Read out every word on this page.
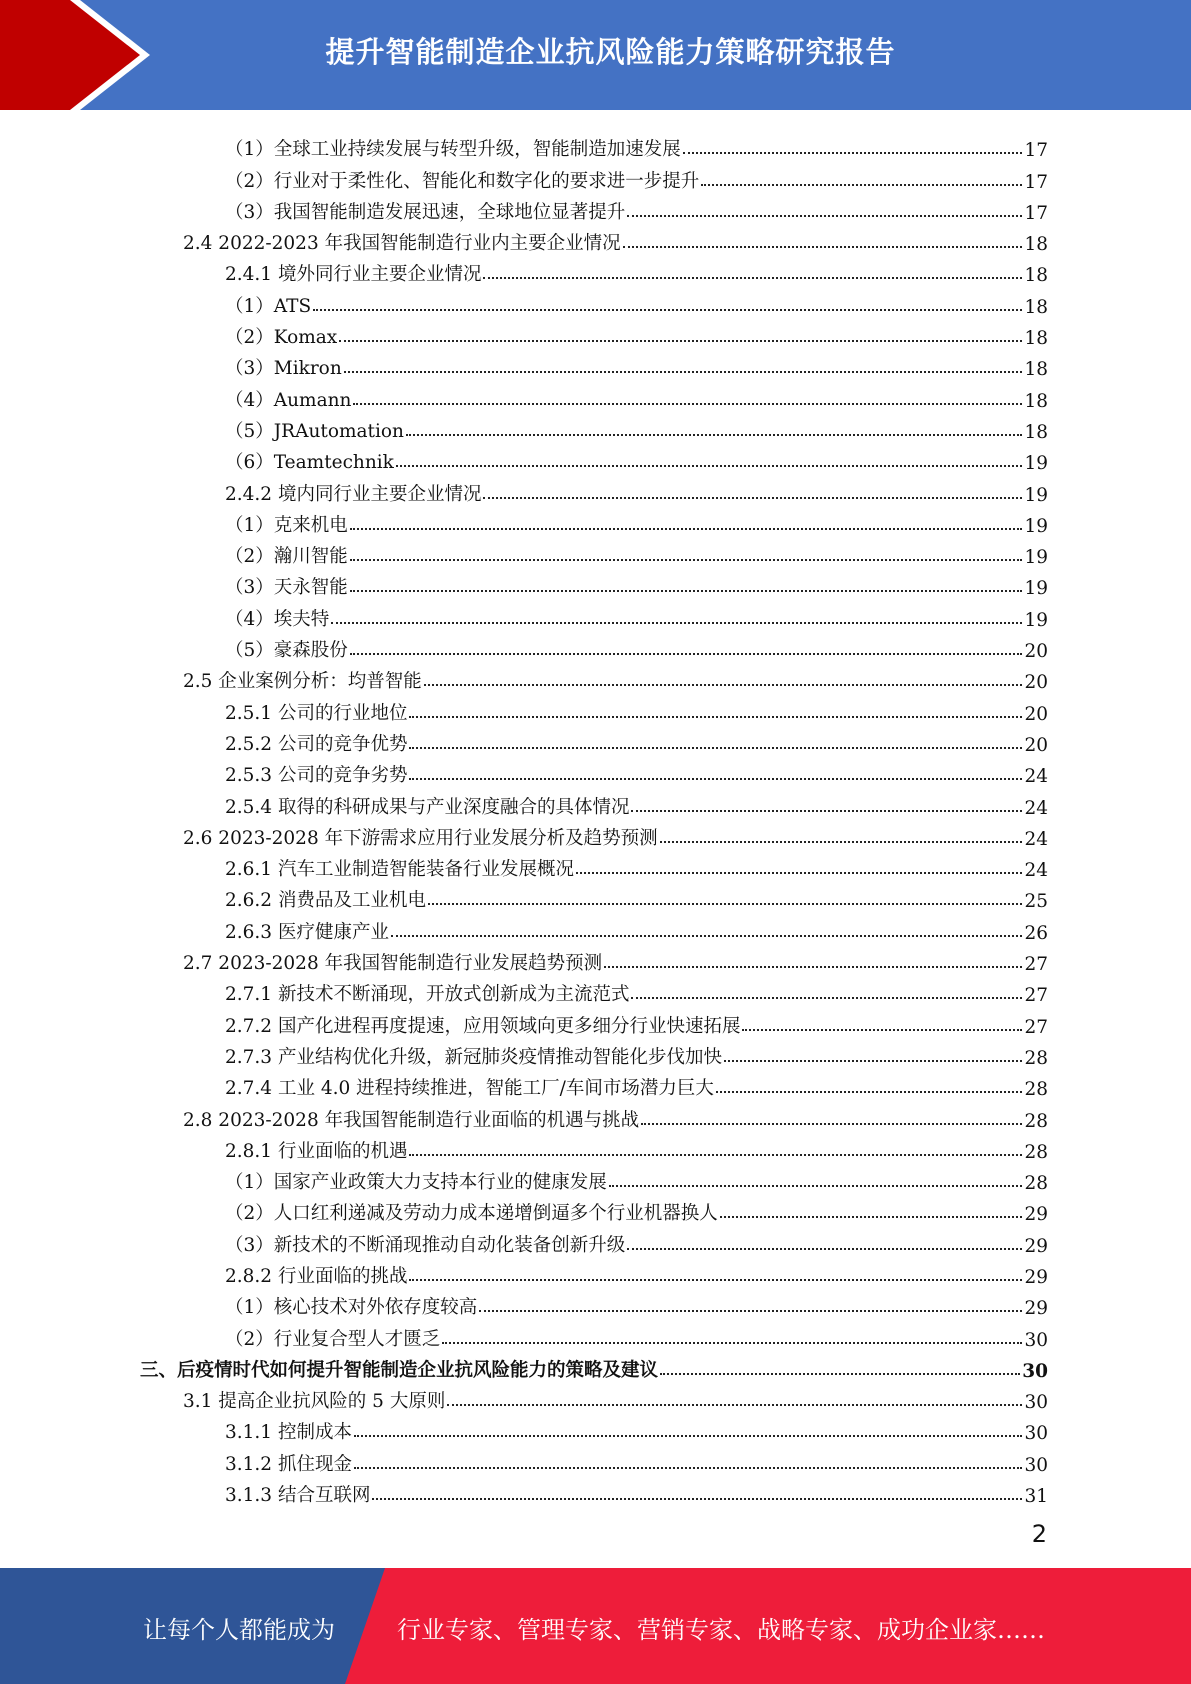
提升智能制造企业抗风险能力策略研究报告
（1）全球工业持续发展与转型升级，智能制造加速发展	17
（2）行业对于柔性化、智能化和数字化的要求进一步提升	17
（3）我国智能制造发展迅速，全球地位显著提升	17
2.4 2022-2023 年我国智能制造行业内主要企业情况	18
2.4.1 境外同行业主要企业情况	18
（1）ATS	18
（2）Komax	18
（3）Mikron	18
（4）Aumann	18
（5）JRAutomation	18
（6）Teamtechnik	19
2.4.2 境内同行业主要企业情况	19
（1）克来机电	19
（2）瀚川智能	19
（3）天永智能	19
（4）埃夫特	19
（5）豪森股份	20
2.5 企业案例分析：均普智能	20
2.5.1 公司的行业地位	20
2.5.2 公司的竞争优势	20
2.5.3 公司的竞争劣势	24
2.5.4 取得的科研成果与产业深度融合的具体情况	24
2.6 2023-2028 年下游需求应用行业发展分析及趋势预测	24
2.6.1 汽车工业制造智能装备行业发展概况	24
2.6.2 消费品及工业机电	25
2.6.3 医疗健康产业	26
2.7 2023-2028 年我国智能制造行业发展趋势预测	27
2.7.1 新技术不断涌现，开放式创新成为主流范式	27
2.7.2 国产化进程再度提速，应用领域向更多细分行业快速拓展	27
2.7.3 产业结构优化升级，新冠肺炎疫情推动智能化步伐加快	28
2.7.4 工业 4.0 进程持续推进，智能工厂/车间市场潜力巨大	28
2.8 2023-2028 年我国智能制造行业面临的机遇与挑战	28
2.8.1 行业面临的机遇	28
（1）国家产业政策大力支持本行业的健康发展	28
（2）人口红利递减及劳动力成本递增倒逼多个行业机器换人	29
（3）新技术的不断涌现推动自动化装备创新升级	29
2.8.2 行业面临的挑战	29
（1）核心技术对外依存度较高	29
（2）行业复合型人才匮乏	30
三、后疫情时代如何提升智能制造企业抗风险能力的策略及建议	30
3.1 提高企业抗风险的 5 大原则	30
3.1.1 控制成本	30
3.1.2 抓住现金	30
3.1.3 结合互联网	31
2
让每个人都能成为	行业专家、管理专家、营销专家、战略专家、成功企业家……
